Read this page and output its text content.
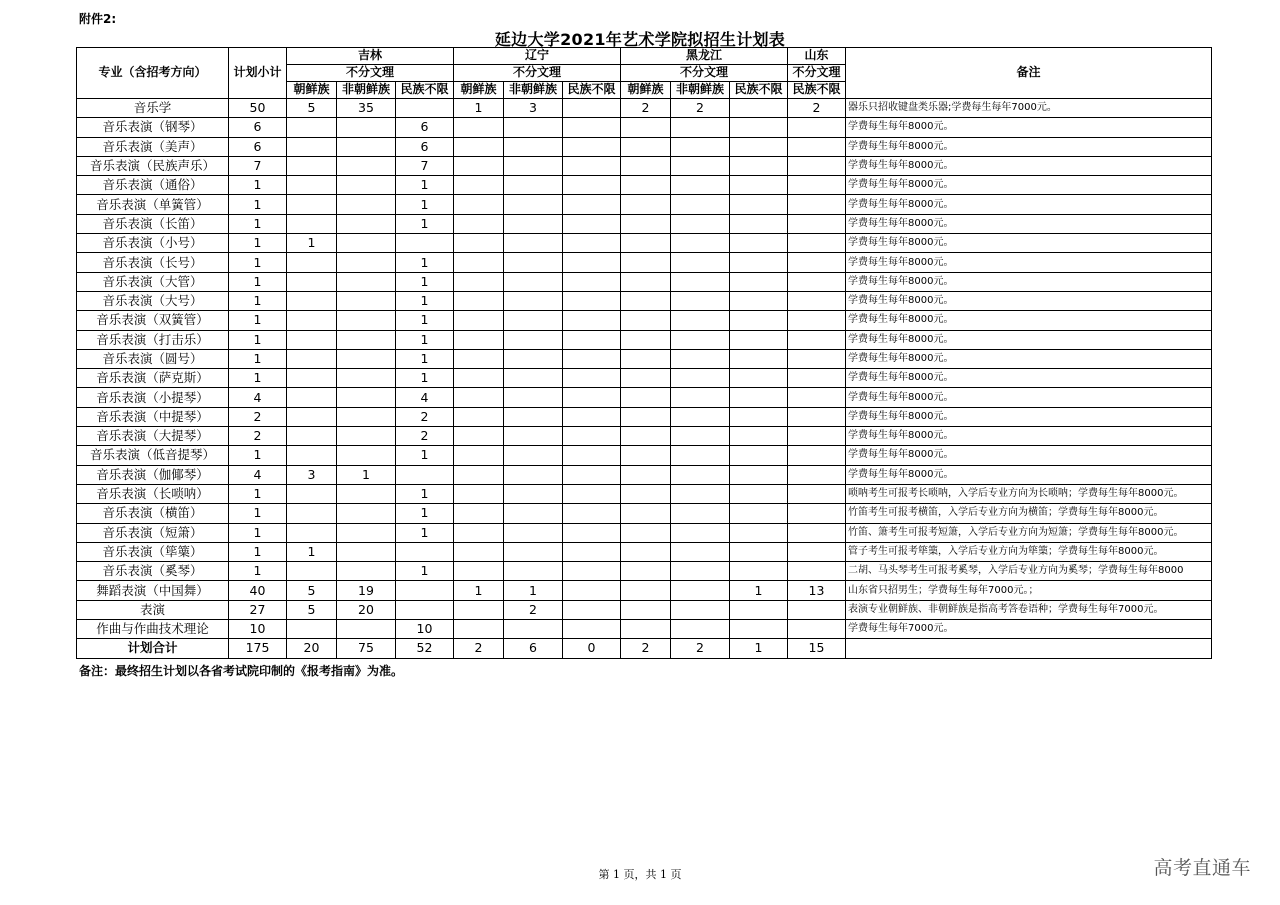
附件2:
延边大学2021年艺术学院拟招生计划表
专业（含招考方向）	计划小计	吉林			辽宁			黑龙江			山东	备注
		不分文理			不分文理			不分文理			不分文理	
		朝鲜族	非朝鲜族	民族不限	朝鲜族	非朝鲜族	民族不限	朝鲜族	非朝鲜族	民族不限	民族不限	
音乐学	50	5	35		1	3		2	2		2	器乐只招收键盘类乐器;学费每生每年7000元。
音乐表演（钢琴）	6			6								学费每生每年8000元。
音乐表演（美声）	6			6								学费每生每年8000元。
音乐表演（民族声乐）	7			7								学费每生每年8000元。
音乐表演（通俗）	1			1								学费每生每年8000元。
音乐表演（单簧管）	1			1								学费每生每年8000元。
音乐表演（长笛）	1			1								学费每生每年8000元。
音乐表演（小号）	1	1										学费每生每年8000元。
音乐表演（长号）	1			1								学费每生每年8000元。
音乐表演（大管）	1			1								学费每生每年8000元。
音乐表演（大号）	1			1								学费每生每年8000元。
音乐表演（双簧管）	1			1								学费每生每年8000元。
音乐表演（打击乐）	1			1								学费每生每年8000元。
音乐表演（圆号）	1			1								学费每生每年8000元。
音乐表演（萨克斯）	1			1								学费每生每年8000元。
音乐表演（小提琴）	4			4								学费每生每年8000元。
音乐表演（中提琴）	2			2								学费每生每年8000元。
音乐表演（大提琴）	2			2								学费每生每年8000元。
音乐表演（低音提琴）	1			1								学费每生每年8000元。
音乐表演（伽倻琴）	4	3	1									学费每生每年8000元。
音乐表演（长唢呐）	1			1								唢呐考生可报考长唢呐，入学后专业方向为长唢呐；学费每生每年8000元。
音乐表演（横笛）	1			1								竹笛考生可报考横笛，入学后专业方向为横笛；学费每生每年8000元。
音乐表演（短箫）	1			1								竹笛、箫考生可报考短箫，入学后专业方向为短箫；学费每生每年8000元。
音乐表演（筚篥）	1	1										管子考生可报考筚篥，入学后专业方向为筚篥；学费每生每年8000元。
音乐表演（奚琴）	1			1								二胡、马头琴考生可报考奚琴，入学后专业方向为奚琴；学费每生每年8000
舞蹈表演（中国舞）	40	5	19		1	1				1	13	山东省只招男生；学费每生每年7000元。；
表演	27	5	20			2						表演专业朝鲜族、非朝鲜族是指高考答卷语种；学费每生每年7000元。
作曲与作曲技术理论	10			10								学费每生每年7000元。
计划合计	175	20	75	52	2	6	0	2	2	1	15	
备注：最终招生计划以各省考试院印制的《报考指南》为准。
第 1 页，共 1 页	高考直通车
